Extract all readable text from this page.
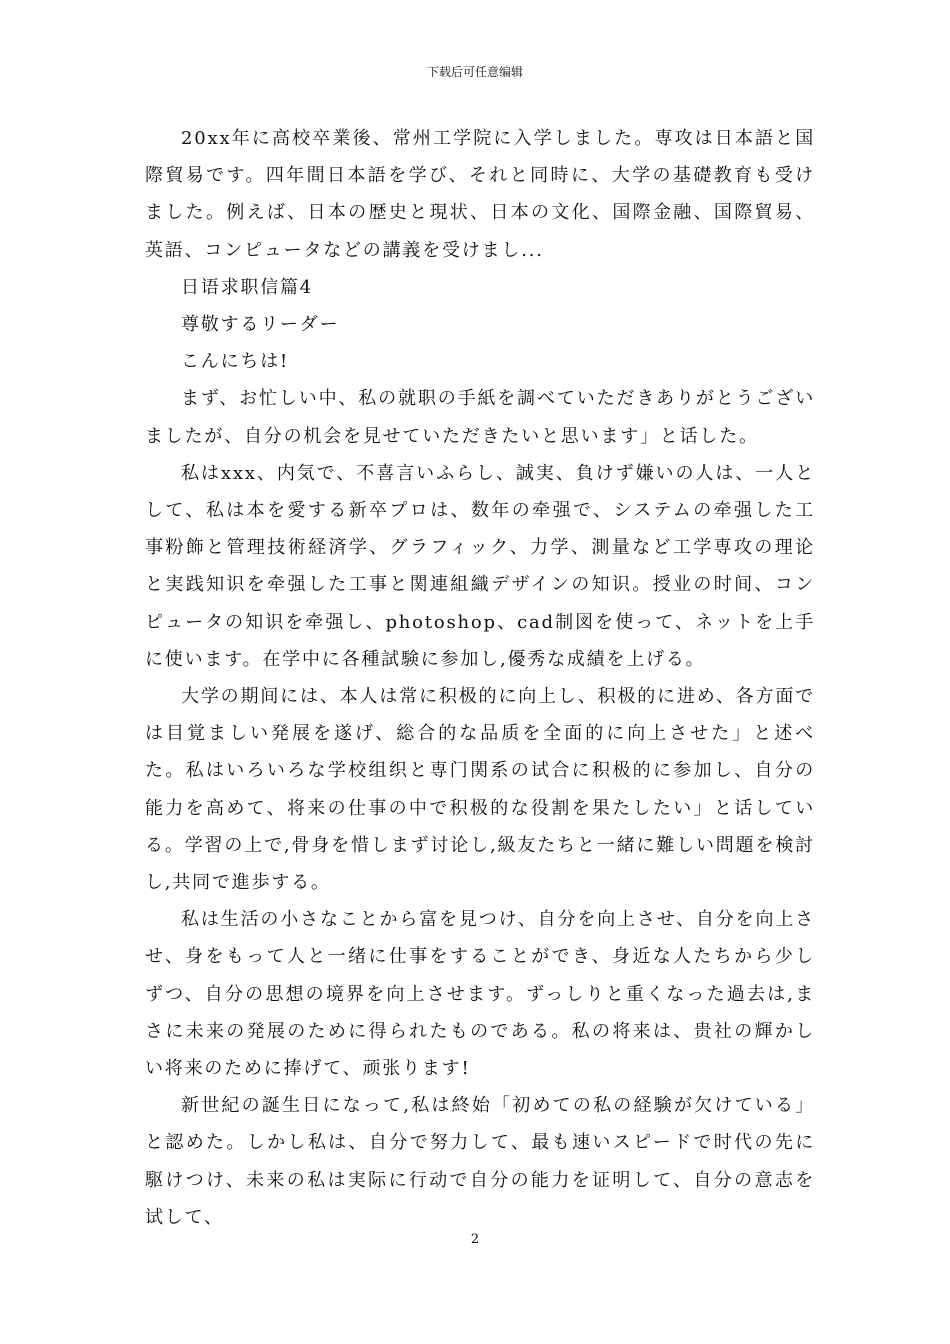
下载后可任意编辑

20xx年に高校卒業後、常州工学院に入学しました。専攻は日本語と国際貿易です。四年間日本語を学び、それと同時に、大学の基礎教育も受けました。例えば、日本の歴史と現状、日本の文化、国際金融、国際貿易、英語、コンピュータなどの講義を受けまし...

日语求职信篇4

尊敬するリーダー

こんにちは!

まず、お忙しい中、私の就职の手紙を調べていただきありがとうございましたが、自分の机会を見せていただきたいと思います」と话した。

私はxxx、内気で、不喜言いふらし、誠実、負けず嫌いの人は、一人として、私は本を愛する新卒プロは、数年の牵强で、システムの牵强した工事粉飾と管理技術経済学、グラフィック、力学、測量など工学専攻の理论と実践知识を牵强した工事と関連組織デザインの知识。授业の时间、コンピュータの知识を牵强し、photoshop、cad制図を使って、ネットを上手に使います。在学中に各種試験に参加し,優秀な成績を上げる。

大学の期间には、本人は常に积极的に向上し、积极的に进め、各方面では目覚ましい発展を遂げ、総合的な品质を全面的に向上させた」と述べた。私はいろいろな学校组织と専门関系の试合に积极的に参加し、自分の能力を高めて、将来の仕事の中で积极的な役割を果たしたい」と话している。学習の上で,骨身を惜しまず讨论し,級友たちと一緒に難しい問題を検討し,共同で進歩する。

私は生活の小さなことから富を見つけ、自分を向上させ、自分を向上させ、身をもって人と一绪に仕事をすることができ、身近な人たちから少しずつ、自分の思想の境界を向上させます。ずっしりと重くなった過去は,まさに未来の発展のために得られたものである。私の将来は、贵社の輝かしい将来のために捧げて、顽张ります!

新世紀の誕生日になって,私は終始「初めての私の経験が欠けている」と認めた。しかし私は、自分で努力して、最も速いスピードで时代の先に駆けつけ、未来の私は実际に行动で自分の能力を证明して、自分の意志を试して、

2
